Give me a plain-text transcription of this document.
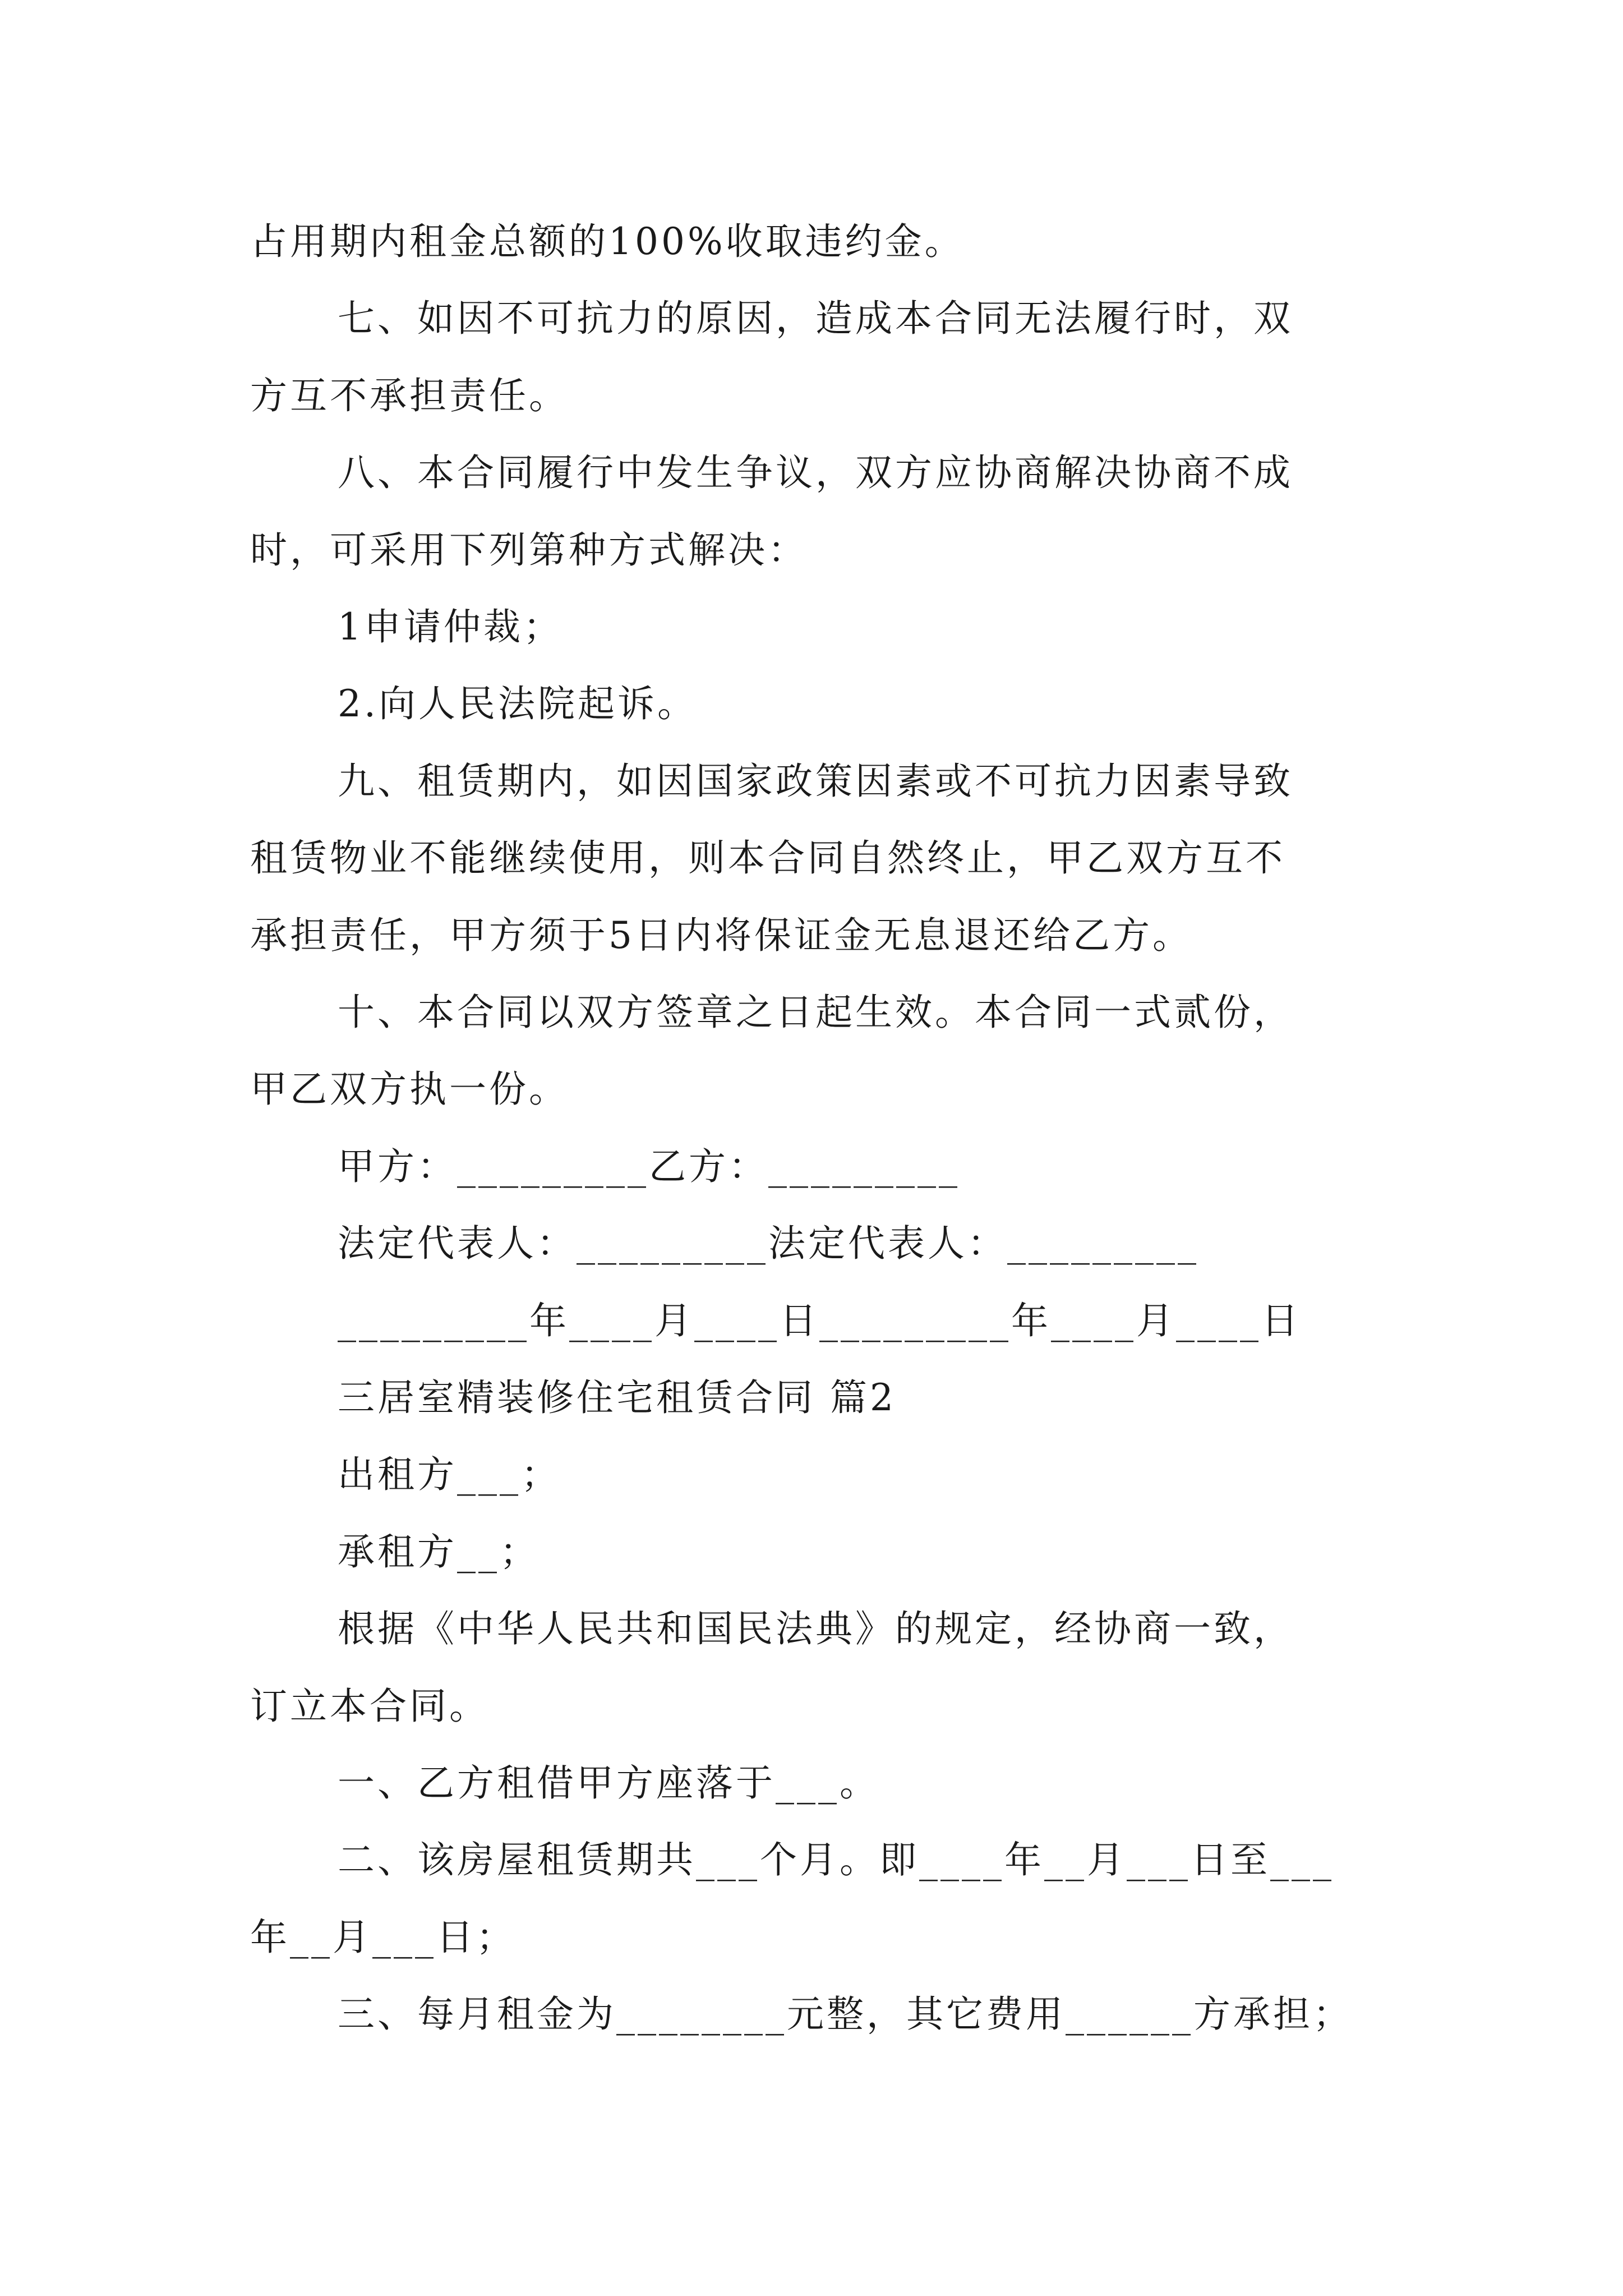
占用期内租金总额的100%收取违约金。
七、如因不可抗力的原因，造成本合同无法履行时，双
方互不承担责任。
八、本合同履行中发生争议，双方应协商解决协商不成
时，可采用下列第种方式解决：
1申请仲裁；
2.向人民法院起诉。
九、租赁期内，如因国家政策因素或不可抗力因素导致
租赁物业不能继续使用，则本合同自然终止，甲乙双方互不
承担责任，甲方须于5日内将保证金无息退还给乙方。
十、本合同以双方签章之日起生效。本合同一式贰份，
甲乙双方执一份。
甲方：_________乙方：_________
法定代表人：_________法定代表人：_________
_________年____月____日_________年____月____日
三居室精装修住宅租赁合同 篇2
出租方___；
承租方__；
根据《中华人民共和国民法典》的规定，经协商一致，
订立本合同。
一、乙方租借甲方座落于___。
二、该房屋租赁期共___个月。即____年__月___日至___
年__月___日；
三、每月租金为________元整，其它费用______方承担；
